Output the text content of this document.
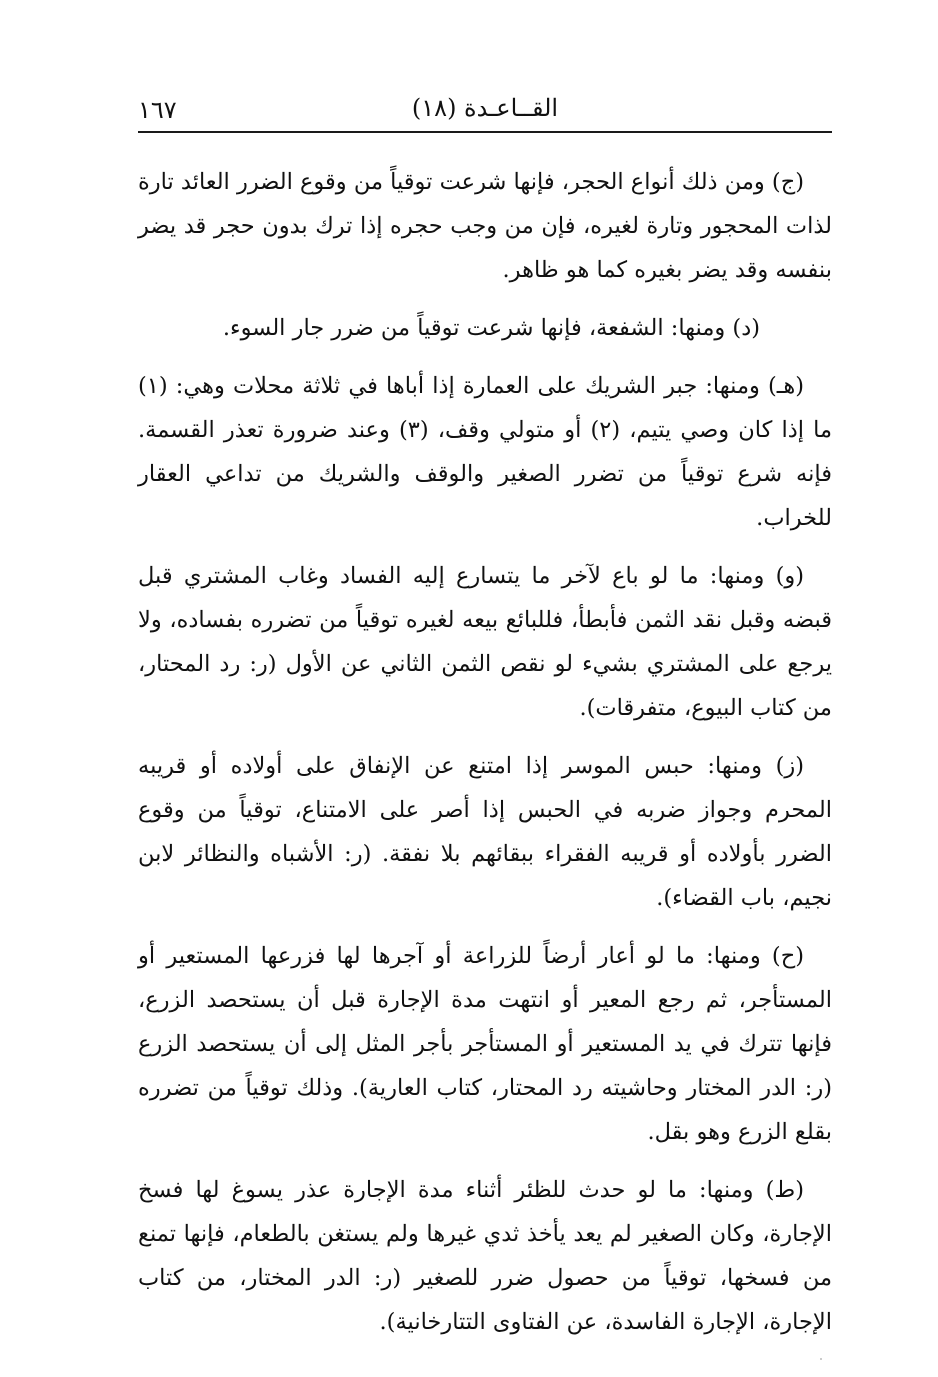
١٦٧	القــاعـدة (١٨)

(ج) ومن ذلك أنواع الحجر، فإنها شرعت توقياً من وقوع الضرر العائد تارة لذات المحجور وتارة لغيره، فإن من وجب حجره إذا ترك بدون حجر قد يضر بنفسه وقد يضر بغيره كما هو ظاهر.

(د) ومنها: الشفعة، فإنها شرعت توقياً من ضرر جار السوء.

(هـ) ومنها: جبر الشريك على العمارة إذا أباها في ثلاثة محلات وهي: (١) ما إذا كان وصي يتيم، (٢) أو متولي وقف، (٣) وعند ضرورة تعذر القسمة. فإنه شرع توقياً من تضرر الصغير والوقف والشريك من تداعي العقار للخراب.

(و) ومنها: ما لو باع لآخر ما يتسارع إليه الفساد وغاب المشتري قبل قبضه وقبل نقد الثمن فأبطأ، فللبائع بيعه لغيره توقياً من تضرره بفساده، ولا يرجع على المشتري بشيء لو نقص الثمن الثاني عن الأول (ر: رد المحتار، من كتاب البيوع، متفرقات).

(ز) ومنها: حبس الموسر إذا امتنع عن الإنفاق على أولاده أو قريبه المحرم وجواز ضربه في الحبس إذا أصر على الامتناع، توقياً من وقوع الضرر بأولاده أو قريبه الفقراء ببقائهم بلا نفقة. (ر: الأشباه والنظائر لابن نجيم، باب القضاء).

(ح) ومنها: ما لو أعار أرضاً للزراعة أو آجرها لها فزرعها المستعير أو المستأجر، ثم رجع المعير أو انتهت مدة الإجارة قبل أن يستحصد الزرع، فإنها تترك في يد المستعير أو المستأجر بأجر المثل إلى أن يستحصد الزرع (ر: الدر المختار وحاشيته رد المحتار، كتاب العارية). وذلك توقياً من تضرره بقلع الزرع وهو بقل.

(ط) ومنها: ما لو حدث للظئر أثناء مدة الإجارة عذر يسوغ لها فسخ الإجارة، وكان الصغير لم يعد يأخذ ثدي غيرها ولم يستغن بالطعام، فإنها تمنع من فسخها، توقياً من حصول ضرر للصغير (ر: الدر المختار، من كتاب الإجارة، الإجارة الفاسدة، عن الفتاوى التتارخانية).
